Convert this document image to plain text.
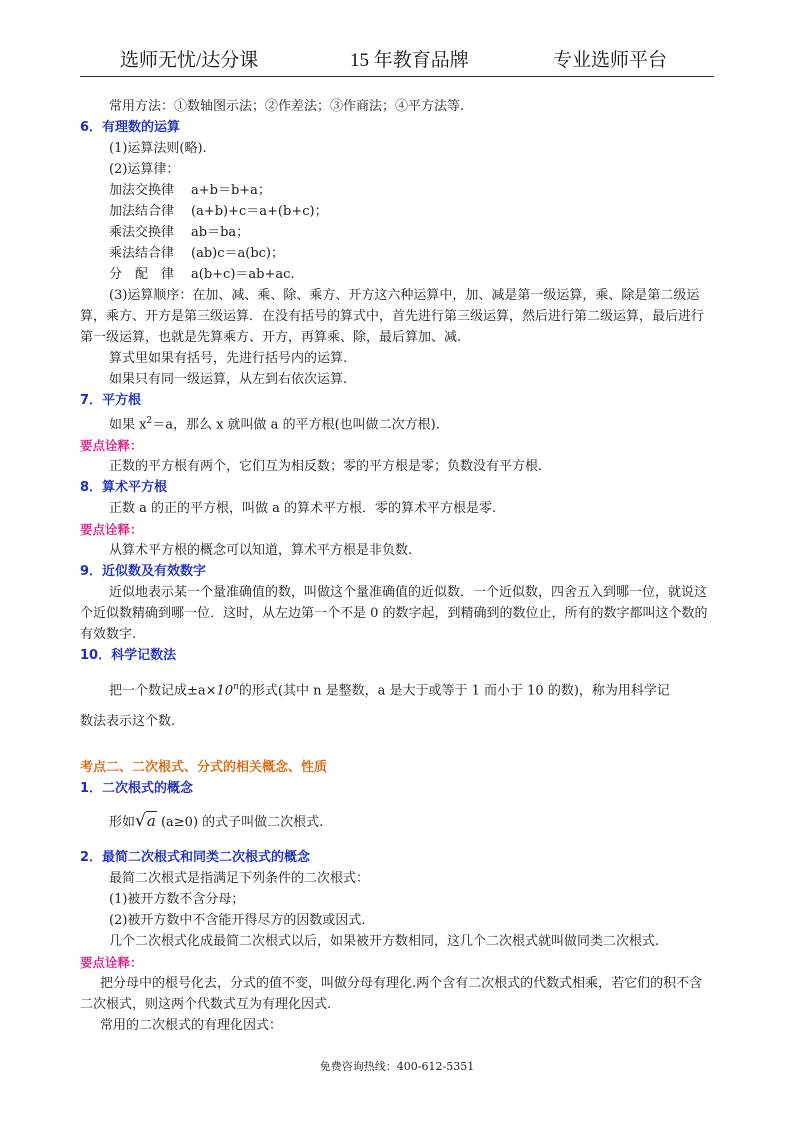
选师无忧/达分课	15 年教育品牌	专业选师平台
常用方法：①数轴图示法；②作差法；③作商法；④平方法等.
6．有理数的运算
(1)运算法则(略).
(2)运算律：
加法交换律 a+b＝b+a；
加法结合律 (a+b)+c＝a+(b+c)；
乘法交换律 ab＝ba；
乘法结合律 (ab)c＝a(bc)；
分　配　律 a(b+c)＝ab+ac.
(3)运算顺序：在加、减、乘、除、乘方、开方这六种运算中，加、减是第一级运算，乘、除是第二级运算，乘方、开方是第三级运算．在没有括号的算式中，首先进行第三级运算，然后进行第二级运算，最后进行第一级运算，也就是先算乘方、开方，再算乘、除，最后算加、减.
算式里如果有括号，先进行括号内的运算.
如果只有同一级运算，从左到右依次运算.
7．平方根
如果 $x^2=a$，那么 x 就叫做 a 的平方根(也叫做二次方根).
要点诠释：
正数的平方根有两个，它们互为相反数；零的平方根是零；负数没有平方根.
8．算术平方根
正数 a 的正的平方根，叫做 a 的算术平方根．零的算术平方根是零.
要点诠释：
从算术平方根的概念可以知道，算术平方根是非负数.
9．近似数及有效数字
近似地表示某一个量准确值的数，叫做这个量准确值的近似数．一个近似数，四舍五入到哪一位，就说这个近似数精确到哪一位．这时，从左边第一个不是 0 的数字起，到精确到的数位止，所有的数字都叫这个数的有效数字.
10．科学记数法
把一个数记成$\pm a\times 10^n$的形式(其中 n 是整数，a 是大于或等于 1 而小于 10 的数)，称为用科学记
数法表示这个数.
考点二、二次根式、分式的相关概念、性质
1．二次根式的概念
形如√a (a≥0) 的式子叫做二次根式.
2．最简二次根式和同类二次根式的概念
最简二次根式是指满足下列条件的二次根式：
(1)被开方数不含分母；
(2)被开方数中不含能开得尽方的因数或因式.
几个二次根式化成最简二次根式以后，如果被开方数相同，这几个二次根式就叫做同类二次根式.
要点诠释：
把分母中的根号化去，分式的值不变，叫做分母有理化.两个含有二次根式的代数式相乘，若它们的积不含二次根式，则这两个代数式互为有理化因式.
常用的二次根式的有理化因式：
免费咨询热线：400-612-5351
